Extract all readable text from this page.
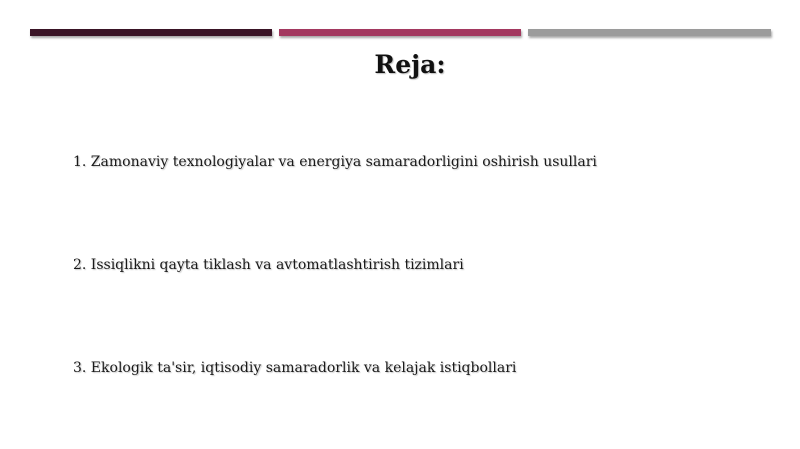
Reja:
1. Zamonaviy texnologiyalar va energiya samaradorligini oshirish usullari
2. Issiqlikni qayta tiklash va avtomatlashtirish tizimlari
3. Ekologik ta'sir, iqtisodiy samaradorlik va kelajak istiqbollari
